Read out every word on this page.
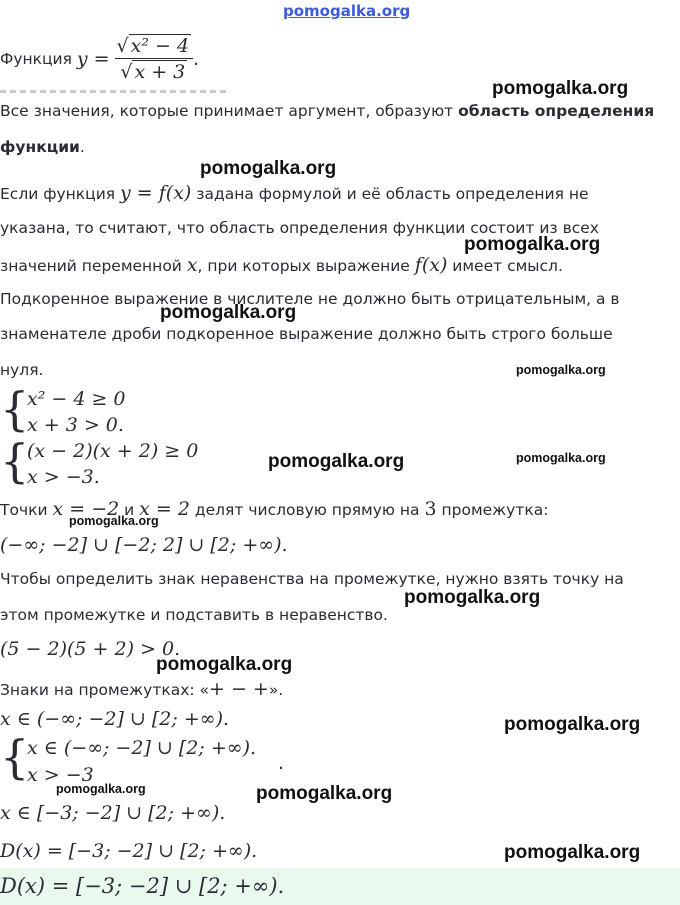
pomogalka.org
Функция
y =
$\frac{\text{√ x² − 4}}{√ x + 3}$ .
Все значения, которые принимает аргумент, образуют область определения
функции.
Если функция y = f(x) задана формулой и её область определения не
указана, то считают, что область определения функции состоит из всех
значений переменной x, при которых выражение f(x) имеет смысл.
Подкоренное выражение в числителе не должно быть отрицательным, а в
знаменателе дроби подкоренное выражение должно быть строго больше
нуля.
{
x² − 4 ≥ 0
x + 3 > 0.
{
(x − 2)(x + 2) ≥ 0
x > −3.
Точки x = −2 и x = 2 делят числовую прямую на 3 промежутка:
(−∞; −2] ∪ [−2; 2] ∪ [2; +∞).
Чтобы определить знак неравенства на промежутке, нужно взять точку на
этом промежутке и подставить в неравенство.
(5 − 2)(5 + 2) > 0.
Знаки на промежутках: «+ − +».
x ∈ (−∞; −2] ∪ [2; +∞).
{
x ∈ (−∞; −2] ∪ [2; +∞).
x > −3
.
x ∈ [−3; −2] ∪ [2; +∞).
D(x) = [−3; −2] ∪ [2; +∞).
D(x) = [−3; −2] ∪ [2; +∞).
pomogalka.org
pomogalka.org
pomogalka.org
pomogalka.org
pomogalka.org
pomogalka.org	pomogalka.org
pomogalka.org
pomogalka.org
pomogalka.org
pomogalka.org
pomogalka.org	pomogalka.org
pomogalka.org
